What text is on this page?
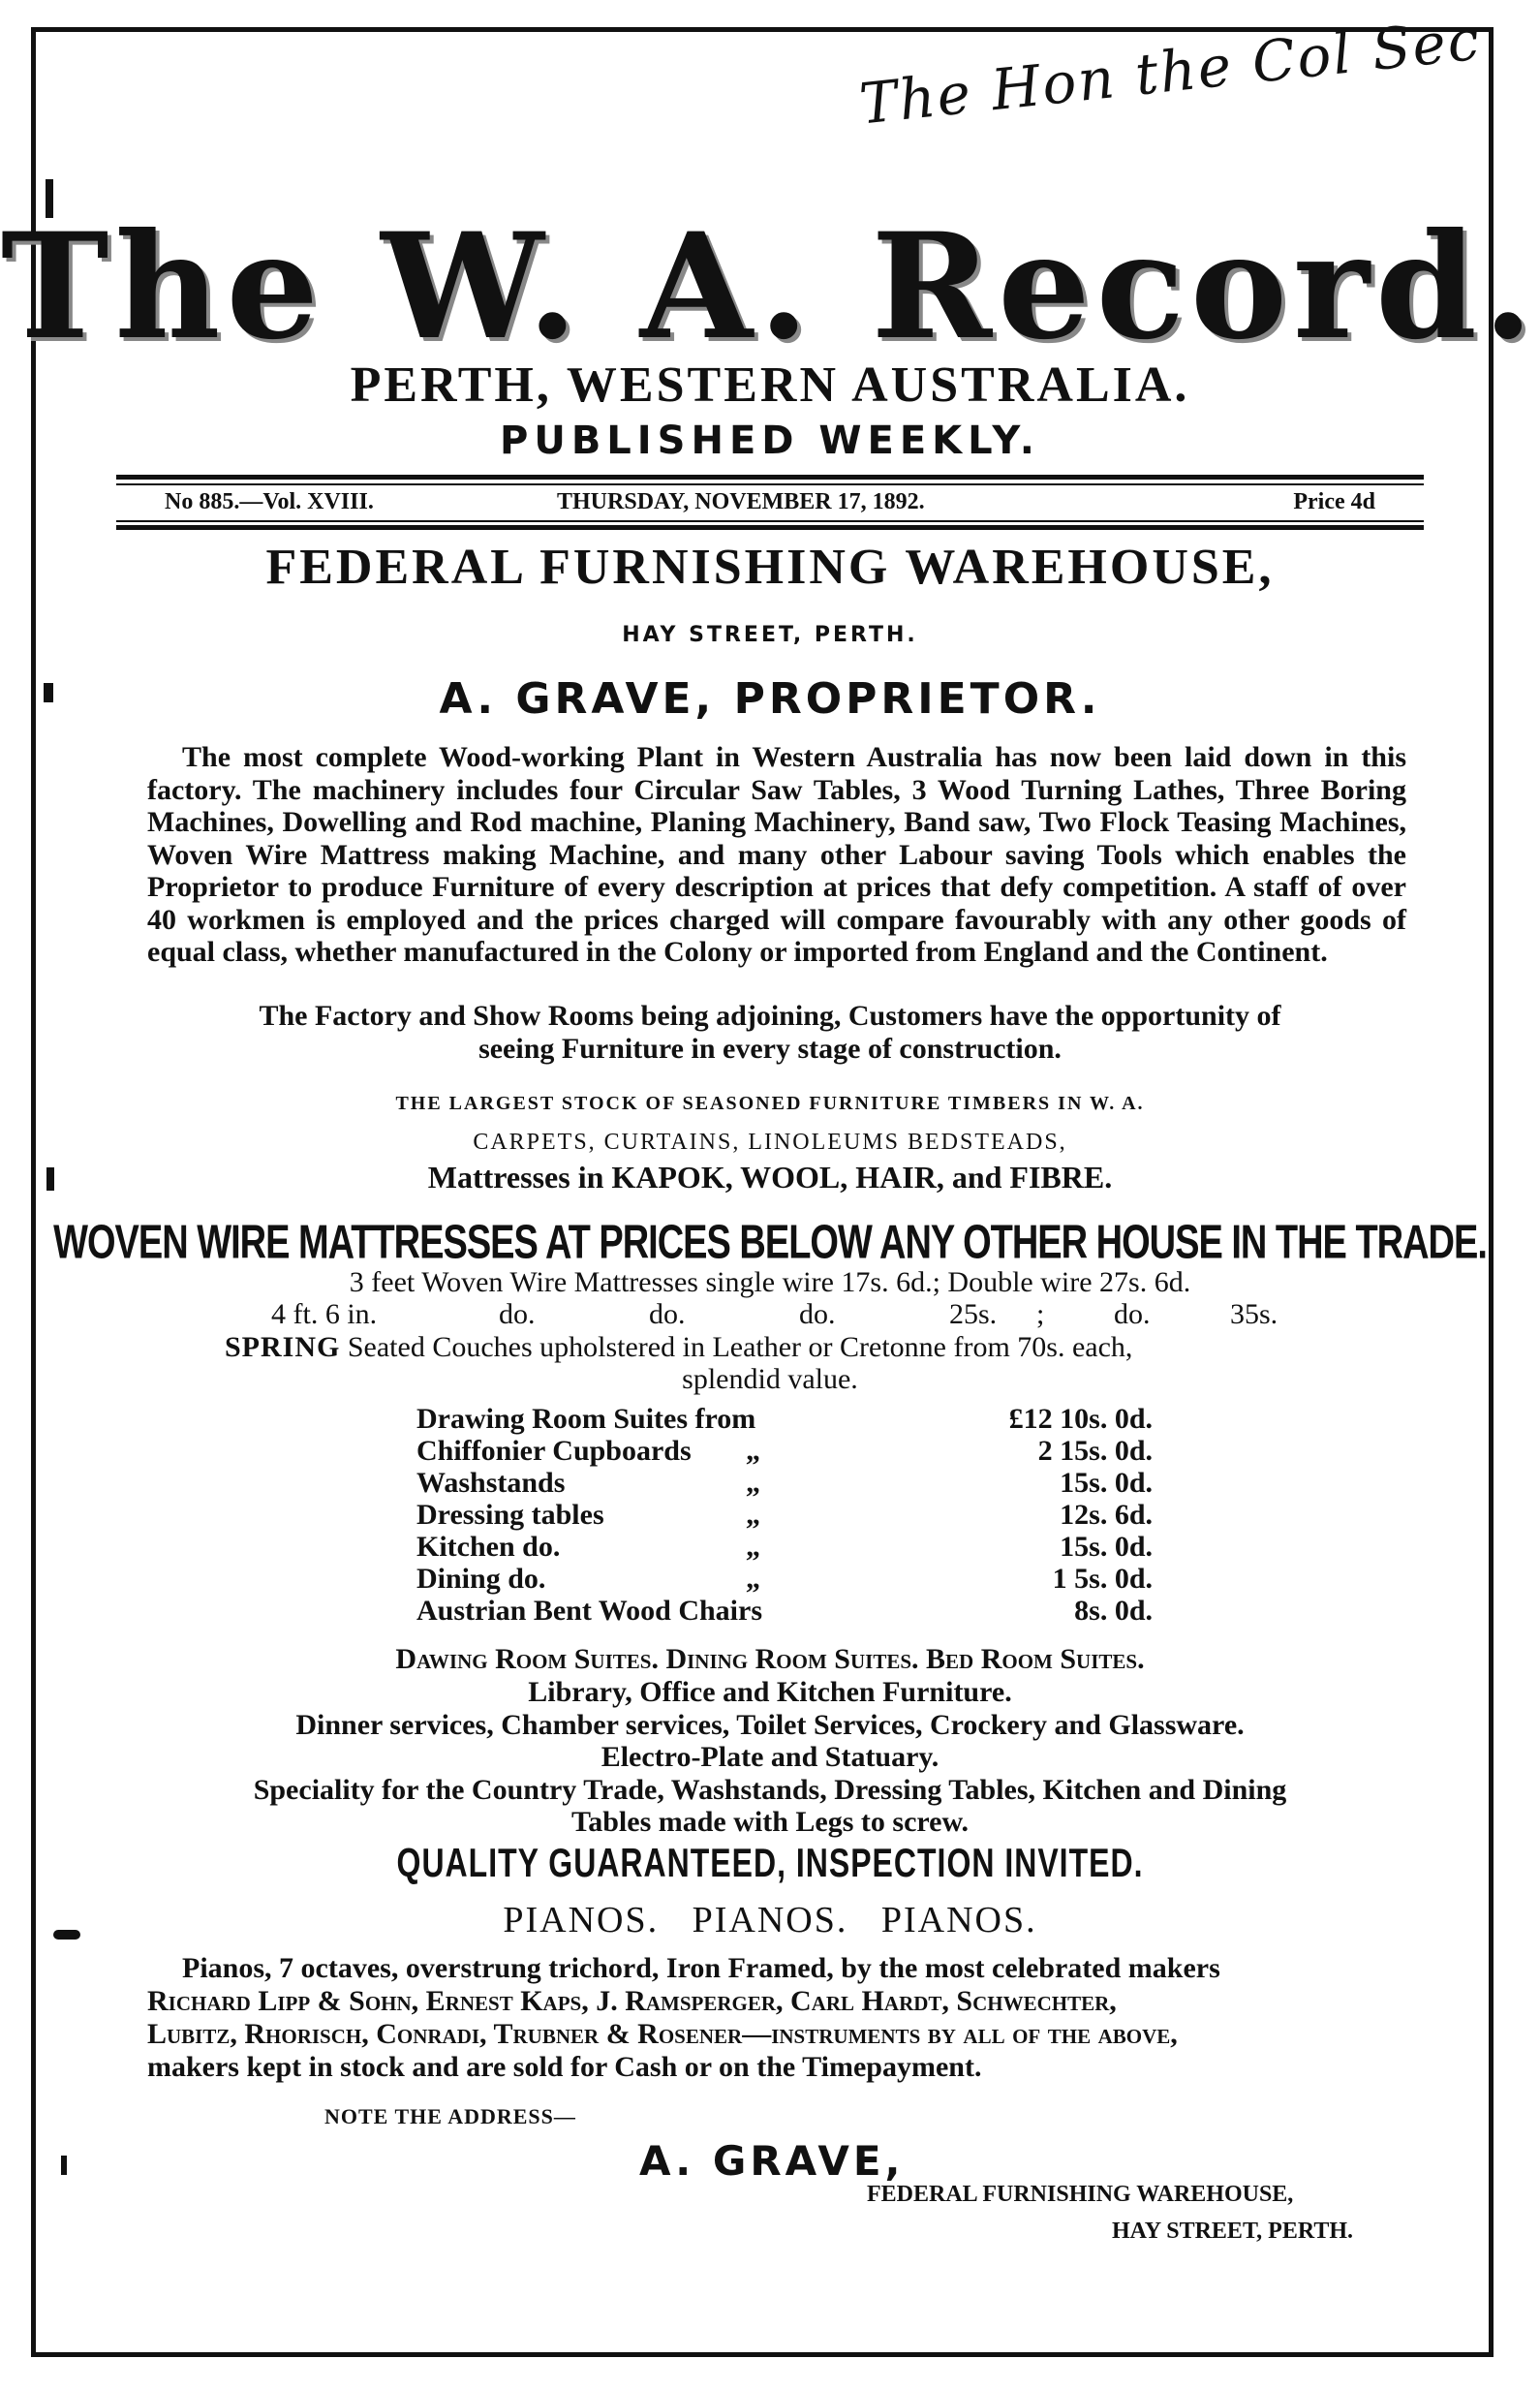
The Hon the Col Sec
The W. A. Record.
PERTH, WESTERN AUSTRALIA.
PUBLISHED WEEKLY.
No 885.—Vol. XVIII.	THURSDAY, NOVEMBER 17, 1892.	Price 4d
FEDERAL FURNISHING WAREHOUSE,
HAY STREET, PERTH.
A. GRAVE, PROPRIETOR.
The most complete Wood-working Plant in Western Australia has now been laid down in this factory. The machinery includes four Circular Saw Tables, 3 Wood Turning Lathes, Three Boring Machines, Dowelling and Rod machine, Planing Machinery, Band saw, Two Flock Teasing Machines, Woven Wire Mattress making Machine, and many other Labour saving Tools which enables the Proprietor to produce Furniture of every description at prices that defy competition. A staff of over 40 workmen is employed and the prices charged will compare favourably with any other goods of equal class, whether manufactured in the Colony or imported from England and the Continent.
The Factory and Show Rooms being adjoining, Customers have the opportunity of
seeing Furniture in every stage of construction.
THE LARGEST STOCK OF SEASONED FURNITURE TIMBERS IN W. A.
CARPETS, CURTAINS, LINOLEUMS BEDSTEADS,
Mattresses in KAPOK, WOOL, HAIR, and FIBRE.
WOVEN WIRE MATTRESSES AT PRICES BELOW ANY OTHER HOUSE IN THE TRADE.
3 feet Woven Wire Mattresses single wire 17s. 6d.; Double wire 27s. 6d.
4 ft. 6 in.	do.	do.	do.	25s. ; do.	35s.
SPRING Seated Couches upholstered in Leather or Cretonne from 70s. each,
splendid value.
Drawing Room Suites from	£12 10s. 0d.
Chiffonier Cupboards „	2 15s. 0d.
Washstands	„	15s. 0d.
Dressing tables	„	12s. 6d.
Kitchen do.	„	15s. 0d.
Dining do.	„	1 5s. 0d.
Austrian Bent Wood Chairs	8s. 0d.
Dawing Room Suites. Dining Room Suites. Bed Room Suites.
Library, Office and Kitchen Furniture.
Dinner services, Chamber services, Toilet Services, Crockery and Glassware.
Electro-Plate and Statuary.
Speciality for the Country Trade, Washstands, Dressing Tables, Kitchen and Dining
Tables made with Legs to screw.
QUALITY GUARANTEED, INSPECTION INVITED.
PIANOS.   PIANOS.   PIANOS.
Pianos, 7 octaves, overstrung trichord, Iron Framed, by the most celebrated makers
Richard Lipp & Sohn, Ernest Kaps, J. Ramsperger, Carl Hardt, Schwechter,
Lubitz, Rhorisch, Conradi, Trubner & Rosener—instruments by all of the above,
makers kept in stock and are sold for Cash or on the Timepayment.
NOTE THE ADDRESS—
A. GRAVE,
FEDERAL FURNISHING WAREHOUSE,
HAY STREET, PERTH.
